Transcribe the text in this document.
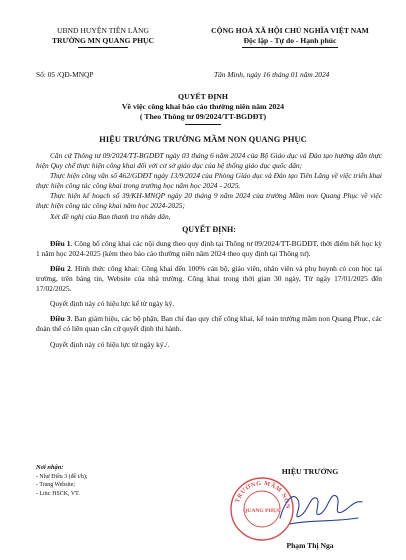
UBND HUYỆN TIÊN LÃNG
TRƯỜNG MN QUANG PHỤC
CỘNG HOÀ XÃ HỘI CHỦ NGHĨA VIỆT NAM
Độc lập - Tự do - Hạnh phúc
Số: 05 /QĐ-MNQP	Tân Minh, ngày 16 tháng 01 năm 2024
QUYẾT ĐỊNH
Về việc công khai báo cáo thường niên năm 2024
( Theo Thông tư 09/2024/TT-BGDĐT)
HIỆU TRƯỞNG TRƯỜNG MẦM NON QUANG PHỤC

Căn cứ Thông tư 09/2024/TT-BGDĐT ngày 03 tháng 6 năm 2024 của Bộ Giáo dục và Đào tạo hướng dẫn thực hiện Quy chế thực hiện công khai đối với cơ sở giáo dục của hệ thống giáo dục quốc dân;

Thực hiện công văn số 462/GDĐT ngày 13/9/2024 của Phòng Giáo dục và Đào tạo Tiên Lãng về việc triển khai thực hiện công tác công khai trong trường học năm học 2024 - 2025.

Thực hiện kế hoạch số 39/KH-MNQP ngày 20 tháng 9 năm 2024 của trường Mầm non Quang Phục về việc thực hiện công tác công khai năm học 2024-2025;

Xét đề nghị của Ban thanh tra nhân dân,

QUYẾT ĐỊNH:

Điều 1. Công bố công khai các nội dung theo quy định tại Thông tư 09/2024/TT-BGDĐT, thời điểm hết học kỳ 1 năm học 2024-2025 (kèm theo báo cáo thường niên năm 2024 theo quy định tại Thông tư).

Điều 2. Hình thức công khai: Công khai đến 100% cán bộ, giáo viên, nhân viên và phụ huynh có con học tại trường, trên bảng tin, Website của nhà trường. Công khai trong thời gian 30 ngày, Từ ngày 17/01/2025 đến 17/02/2025.

Quyết định này có hiệu lực kể từ ngày ký.

Điều 3. Ban giám hiệu, các bộ phận, Ban chỉ đạo quy chế công khai, kế toán trường mầm non Quang Phục, các đoàn thể có liên quan căn cứ quyết định thi hành.

Quyết định này có hiệu lực từ ngày ký./.

Nơi nhận:
- Như Điều 3 (để t/h);
- Trang Website;
- Lưu: HSCK, VT.
TRƯỜNG MẦM NON
QUANG PHỤC
HIỆU TRƯỞNG
Phạm Thị Nga
